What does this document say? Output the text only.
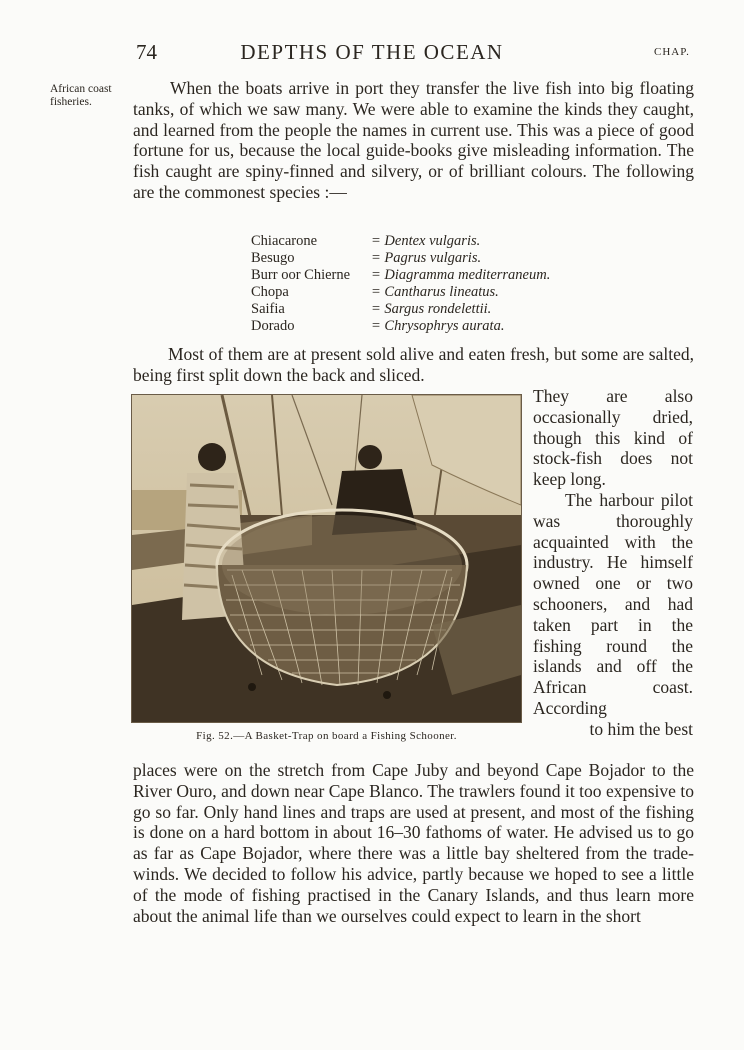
74	DEPTHS OF THE OCEAN	CHAP.
African coast fisheries.

When the boats arrive in port they transfer the live fish into big floating tanks, of which we saw many. We were able to examine the kinds they caught, and learned from the people the names in current use. This was a piece of good fortune for us, because the local guide-books give misleading information. The fish caught are spiny-finned and silvery, or of brilliant colours. The following are the commonest species :—

Chiacarone	= Dentex vulgaris.
Besugo	= Pagrus vulgaris.
Burr oor Chierne	= Diagramma mediterraneum.
Chopa	= Cantharus lineatus.
Saifia	= Sargus rondelettii.
Dorado	= Chrysophrys aurata.

Most of them are at present sold alive and eaten fresh, but some are salted, being first split down the back and sliced.

Fig. 52.—A Basket-Trap on board a Fishing Schooner.
They are also occasionally dried, though this kind of stock-fish does not keep long.
The harbour pilot was thoroughly acquainted with the industry. He himself owned one or two schooners, and had taken part in the fishing round the islands and off the African coast. According
to him the best

places were on the stretch from Cape Juby and beyond Cape Bojador to the River Ouro, and down near Cape Blanco. The trawlers found it too expensive to go so far. Only hand lines and traps are used at present, and most of the fishing is done on a hard bottom in about 16–30 fathoms of water. He advised us to go as far as Cape Bojador, where there was a little bay sheltered from the trade-winds. We decided to follow his advice, partly because we hoped to see a little of the mode of fishing practised in the Canary Islands, and thus learn more about the animal life than we ourselves could expect to learn in the short
